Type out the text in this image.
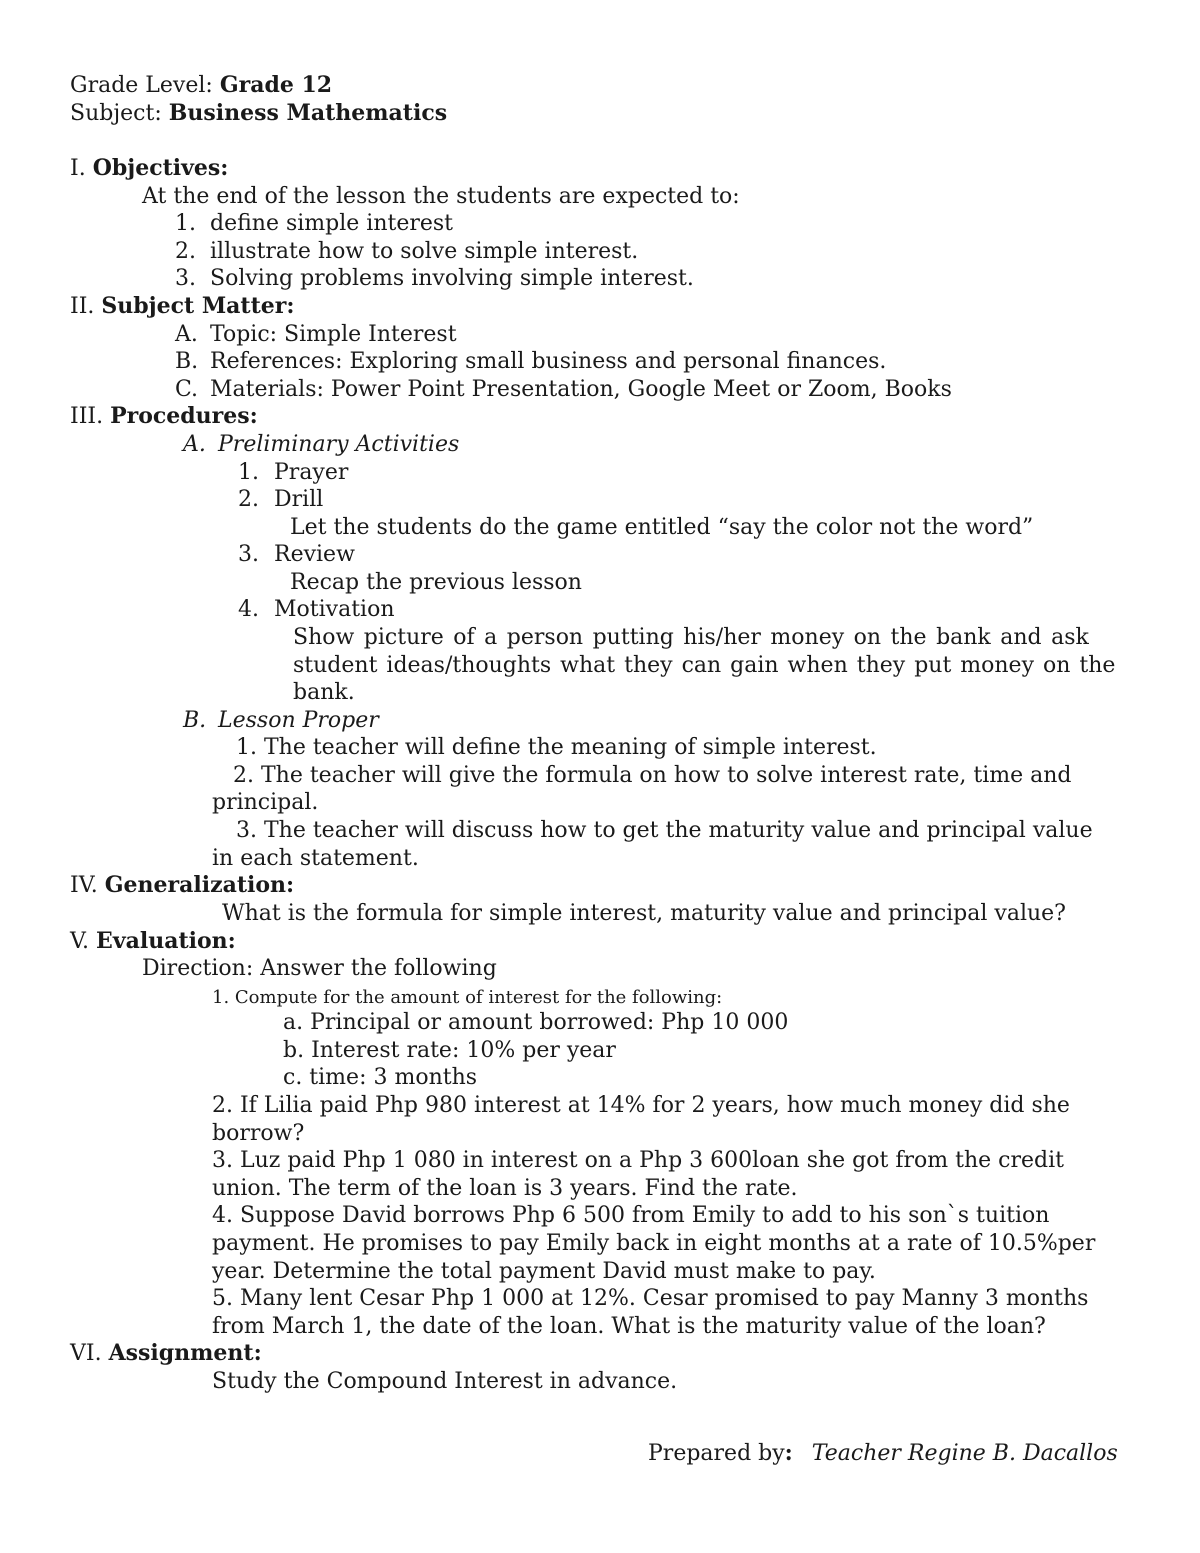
Grade Level: Grade 12
Subject: Business Mathematics
I. Objectives:
At the end of the lesson the students are expected to:
1. define simple interest
2. illustrate how to solve simple interest.
3. Solving problems involving simple interest.
II. Subject Matter:
A. Topic: Simple Interest
B. References: Exploring small business and personal finances.
C. Materials: Power Point Presentation, Google Meet or Zoom, Books
III. Procedures:
A. Preliminary Activities
1. Prayer
2. Drill
Let the students do the game entitled “say the color not the word”
3. Review
Recap the previous lesson
4. Motivation
Show picture of a person putting his/her money on the bank and ask
student ideas/thoughts what they can gain when they put money on the
bank.
B. Lesson Proper
1. The teacher will define the meaning of simple interest.
2. The teacher will give the formula on how to solve interest rate, time and
principal.
3. The teacher will discuss how to get the maturity value and principal value
in each statement.
IV. Generalization:
What is the formula for simple interest, maturity value and principal value?
V. Evaluation:
Direction: Answer the following
1. Compute for the amount of interest for the following:
a. Principal or amount borrowed: Php 10 000
b. Interest rate: 10% per year
c. time: 3 months
2. If Lilia paid Php 980 interest at 14% for 2 years, how much money did she
borrow?
3. Luz paid Php 1 080 in interest on a Php 3 600loan she got from the credit
union. The term of the loan is 3 years. Find the rate.
4. Suppose David borrows Php 6 500 from Emily to add to his son`s tuition
payment. He promises to pay Emily back in eight months at a rate of 10.5%per
year. Determine the total payment David must make to pay.
5. Many lent Cesar Php 1 000 at 12%. Cesar promised to pay Manny 3 months
from March 1, the date of the loan. What is the maturity value of the loan?
VI. Assignment:
Study the Compound Interest in advance.
Prepared by: Teacher Regine B. Dacallos
